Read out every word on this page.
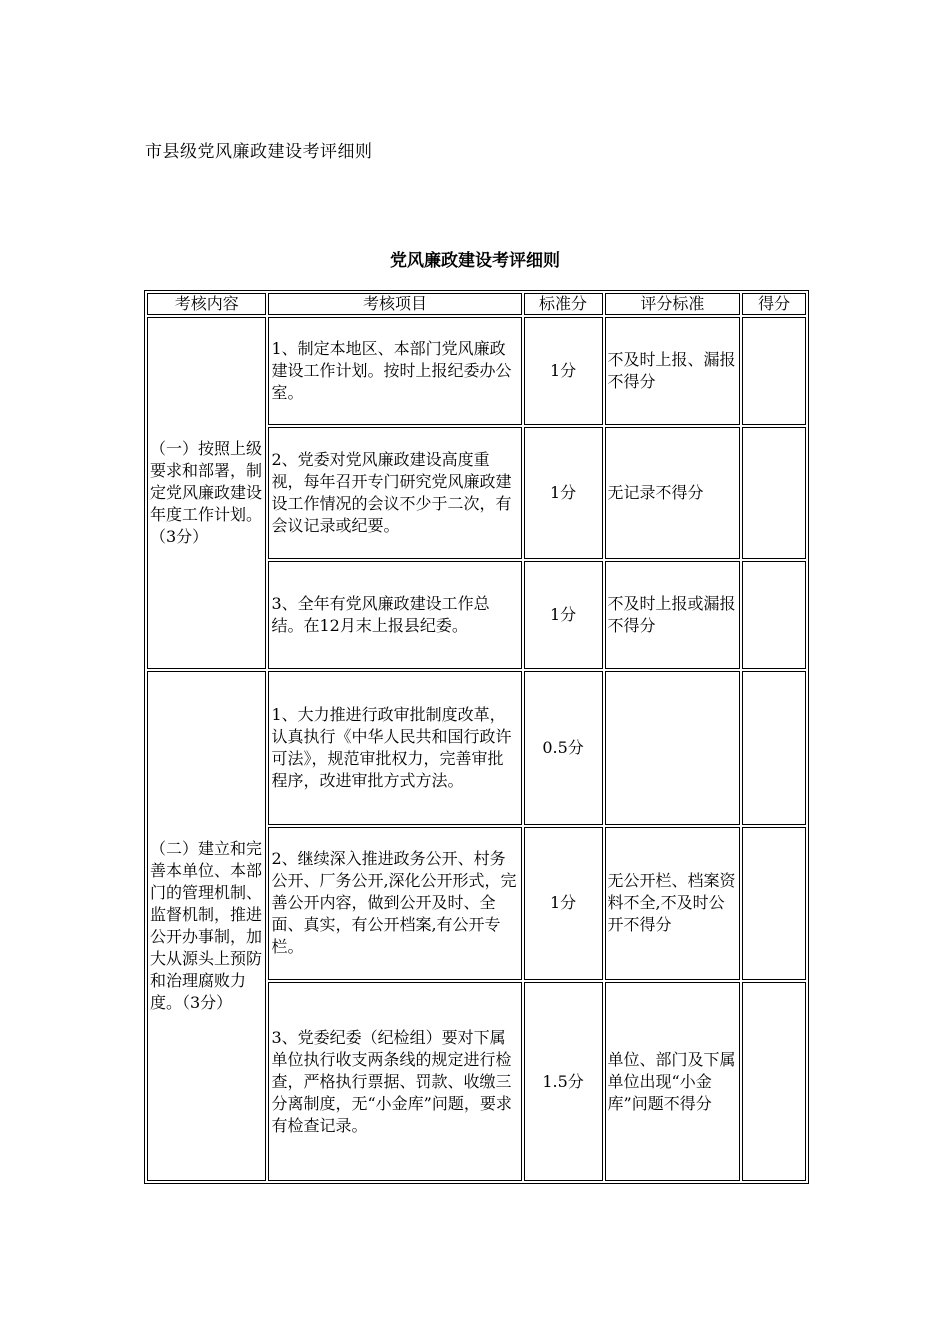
市县级党风廉政建设考评细则
党风廉政建设考评细则
考核内容	考核项目	标准分	评分标准	得分
（一）按照上级要求和部署，制定党风廉政建设年度工作计划。（3分）	1、制定本地区、本部门党风廉政建设工作计划。按时上报纪委办公室。	1分	不及时上报、漏报不得分	
	2、党委对党风廉政建设高度重视，每年召开专门研究党风廉政建设工作情况的会议不少于二次，有会议记录或纪要。	1分	无记录不得分	
	3、全年有党风廉政建设工作总结。在12月末上报县纪委。	1分	不及时上报或漏报不得分	
（二）建立和完善本单位、本部门的管理机制、监督机制，推进公开办事制，加大从源头上预防和治理腐败力度。（3分）	1、大力推进行政审批制度改革，认真执行《中华人民共和国行政许可法》，规范审批权力，完善审批程序，改进审批方式方法。	0.5分		
	2、继续深入推进政务公开、村务公开、厂务公开,深化公开形式，完善公开内容，做到公开及时、全面、真实，有公开档案,有公开专栏。	1分	无公开栏、档案资料不全,不及时公开不得分	
	3、党委纪委（纪检组）要对下属单位执行收支两条线的规定进行检查，严格执行票据、罚款、收缴三分离制度，无“小金库”问题，要求有检查记录。	1.5分	单位、部门及下属单位出现“小金库”问题不得分	
